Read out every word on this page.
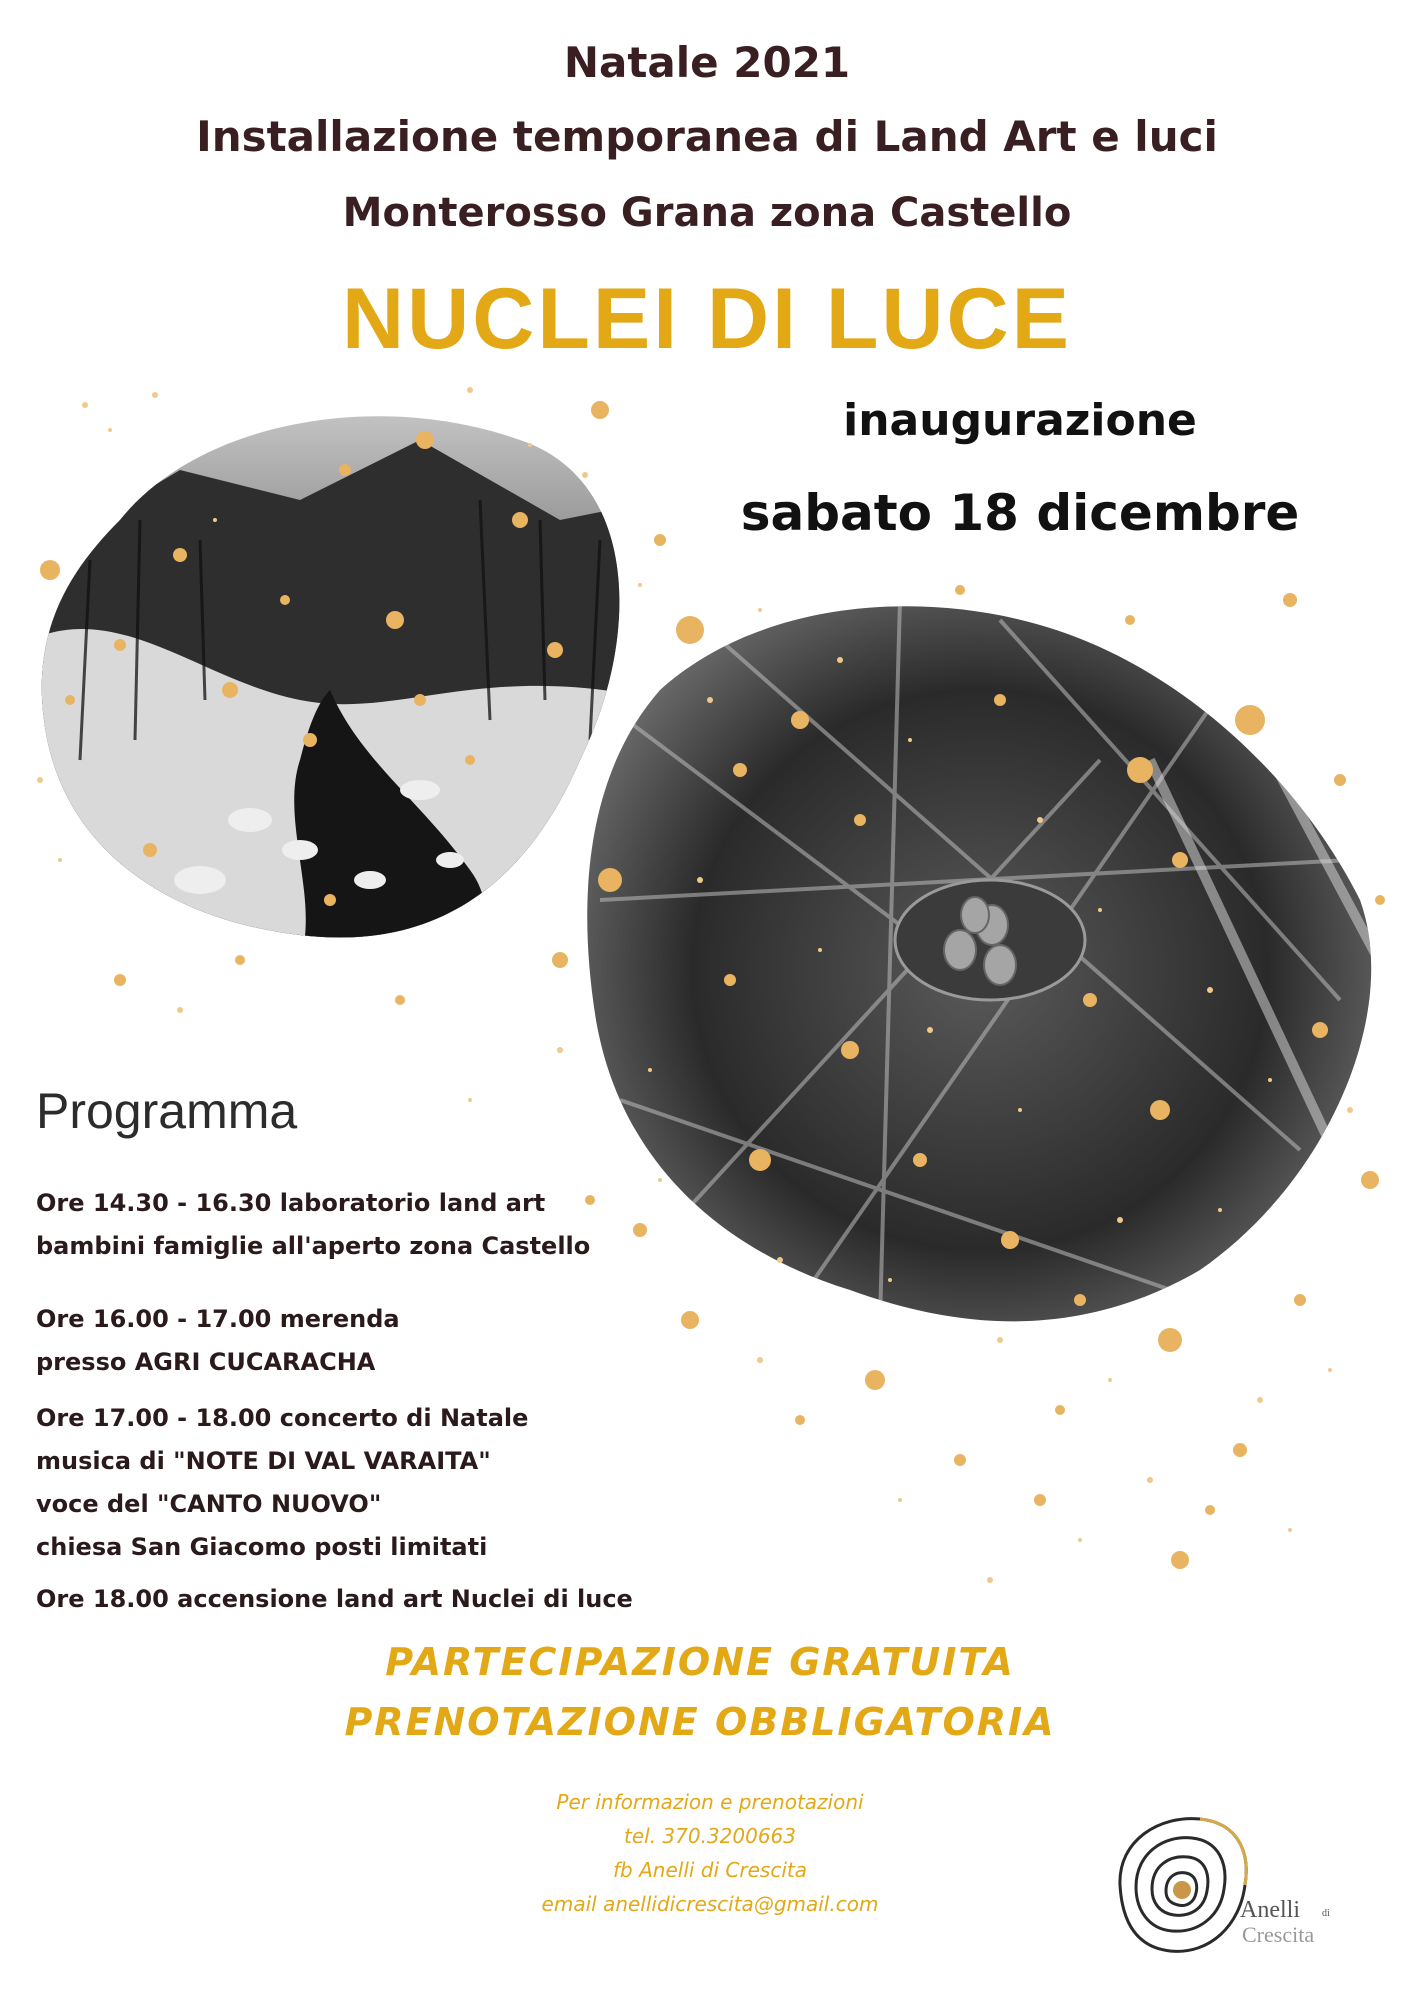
Natale 2021
Installazione temporanea di Land Art e luci
Monterosso Grana zona Castello
NUCLEI DI LUCE
inaugurazione
sabato 18 dicembre
Programma
Ore 14.30 - 16.30 laboratorio land art
bambini famiglie all'aperto zona Castello
Ore 16.00 - 17.00 merenda
presso AGRI CUCARACHA
Ore 17.00 - 18.00 concerto di Natale
musica di "NOTE DI VAL VARAITA"
voce del "CANTO NUOVO"
chiesa San Giacomo posti limitati
Ore 18.00 accensione land art Nuclei di luce
PARTECIPAZIONE GRATUITA
PRENOTAZIONE OBBLIGATORIA
Per informazion e prenotazioni
tel. 370.3200663
fb Anelli di Crescita
email anellidicrescita@gmail.com	Anelli di
Crescita
